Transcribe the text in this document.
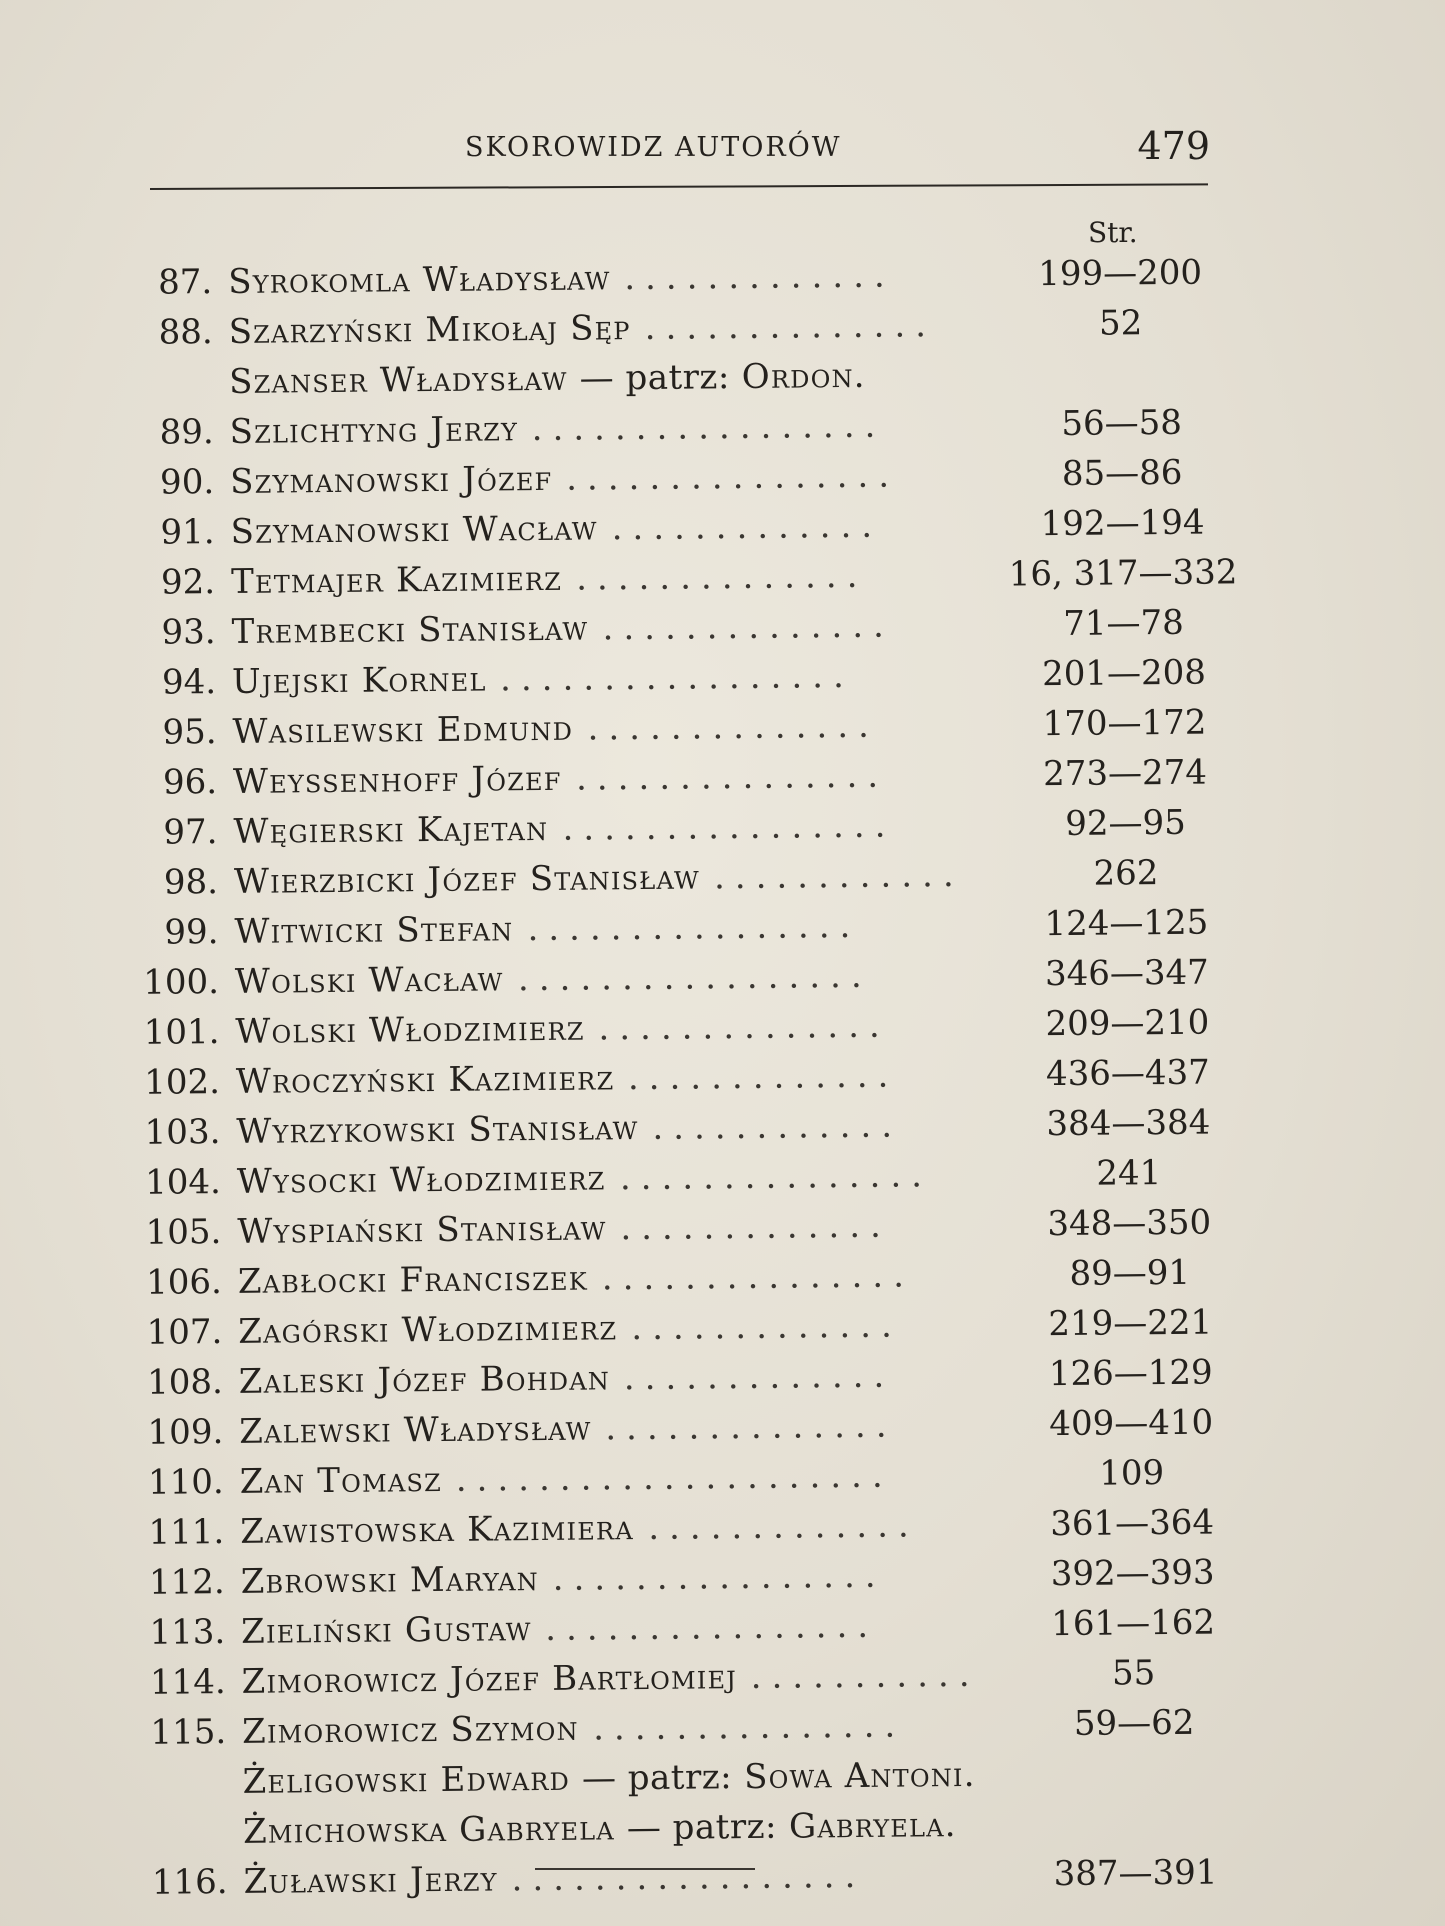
SKOROWIDZ AUTORÓW	479
Str.
87. Syrokomla Władysław .............	199—200
88. Szarzyński Mikołaj Sęp ..............	52
Szanser Władysław — patrz: Ordon.
89. Szlichtyng Jerzy .................	56—58
90. Szymanowski Józef ................	85—86
91. Szymanowski Wacław .............	192—194
92. Tetmajer Kazimierz ..............	16, 317—332
93. Trembecki Stanisław ..............	71—78
94. Ujejski Kornel .................	201—208
95. Wasilewski Edmund ..............	170—172
96. Weyssenhoff Józef ...............	273—274
97. Węgierski Kajetan ................	92—95
98. Wierzbicki Józef Stanisław ............	262
99. Witwicki Stefan ................	124—125
100. Wolski Wacław .................	346—347
101. Wolski Włodzimierz ..............	209—210
102. Wroczyński Kazimierz .............	436—437
103. Wyrzykowski Stanisław ............	384—384
104. Wysocki Włodzimierz ...............	241
105. Wyspiański Stanisław .............	348—350
106. Zabłocki Franciszek ...............	89—91
107. Zagórski Włodzimierz .............	219—221
108. Zaleski Józef Bohdan .............	126—129
109. Zalewski Władysław ..............	409—410
110. Zan Tomasz .....................	109
111. Zawistowska Kazimiera .............	361—364
112. Zbrowski Maryan ................	392—393
113. Zieliński Gustaw ................	161—162
114. Zimorowicz Józef Bartłomiej ...........	55
115. Zimorowicz Szymon ...............	59—62
Żeligowski Edward — patrz: Sowa Antoni.
Żmichowska Gabryela — patrz: Gabryela.
116. Żuławski Jerzy .................	387—391
